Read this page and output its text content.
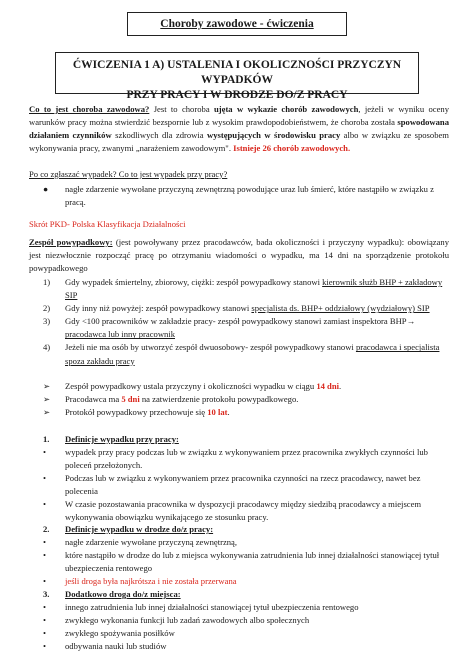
Choroby zawodowe - ćwiczenia
ĆWICZENIA 1 A) USTALENIA I OKOLICZNOŚCI PRZYCZYN WYPADKÓW
PRZY PRACY I W DRODZE DO/Z PRACY

Co to jest choroba zawodowa? Jest to choroba ujęta w wykazie chorób zawodowych, jeżeli w wyniku oceny warunków pracy można stwierdzić bezspornie lub z wysokim prawdopodobieństwem, że choroba została spowodowana działaniem czynników szkodliwych dla zdrowia występujących w środowisku pracy albo w związku ze sposobem wykonywania pracy, zwanymi „narażeniem zawodowym". Istnieje 26 chorób zawodowych.

Po co zgłaszać wypadek? Co to jest wypadek przy pracy?

● nagłe zdarzenie wywołane przyczyną zewnętrzną powodujące uraz lub śmierć, które nastąpiło w związku z pracą.

Skrót PKD- Polska Klasyfikacja Działalności

Zespół powypadkowy: (jest powoływany przez pracodawców, bada okoliczności i przyczyny wypadku): obowiązany jest niezwłocznie rozpocząć pracę po otrzymaniu wiadomości o wypadku, ma 14 dni na sporządzenie protokołu powypadkowego

1) Gdy wypadek śmiertelny, zbiorowy, ciężki: zespół powypadkowy stanowi kierownik służb BHP + zakładowy SIP
2) Gdy inny niż powyżej: zespół powypadkowy stanowi specjalista ds. BHP+ oddziałowy (wydziałowy) SIP
3) Gdy <100 pracowników w zakładzie pracy- zespół powypadkowy stanowi zamiast inspektora BHP→ pracodawca lub inny pracownik
4) Jeżeli nie ma osób by utworzyć zespół dwuosobowy- zespół powypadkowy stanowi pracodawca i specjalista spoza zakładu pracy
➢ Zespół powypadkowy ustala przyczyny i okoliczności wypadku w ciągu 14 dni.
➢ Pracodawca ma 5 dni na zatwierdzenie protokołu powypadkowego.
➢ Protokół powypadkowy przechowuje się 10 lat.
1. Definicje wypadku przy pracy:
• wypadek przy pracy podczas lub w związku z wykonywaniem przez pracownika zwykłych czynności lub poleceń przełożonych.
• Podczas lub w związku z wykonywaniem przez pracownika czynności na rzecz pracodawcy, nawet bez polecenia
• W czasie pozostawania pracownika w dyspozycji pracodawcy między siedzibą pracodawcy a miejscem wykonywania obowiązku wynikającego ze stosunku pracy.
2. Definicje wypadku w drodze do/z pracy:
• nagłe zdarzenie wywołane przyczyną zewnętrzną,
• które nastąpiło w drodze do lub z miejsca wykonywania zatrudnienia lub innej działalności stanowiącej tytuł ubezpieczenia rentowego
• jeśli droga była najkrótsza i nie została przerwana
3. Dodatkowo droga do/z miejsca:
• innego zatrudnienia lub innej działalności stanowiącej tytuł ubezpieczenia rentowego
• zwykłego wykonania funkcji lub zadań zawodowych albo społecznych
• zwykłego spożywania posiłków
• odbywania nauki lub studiów
